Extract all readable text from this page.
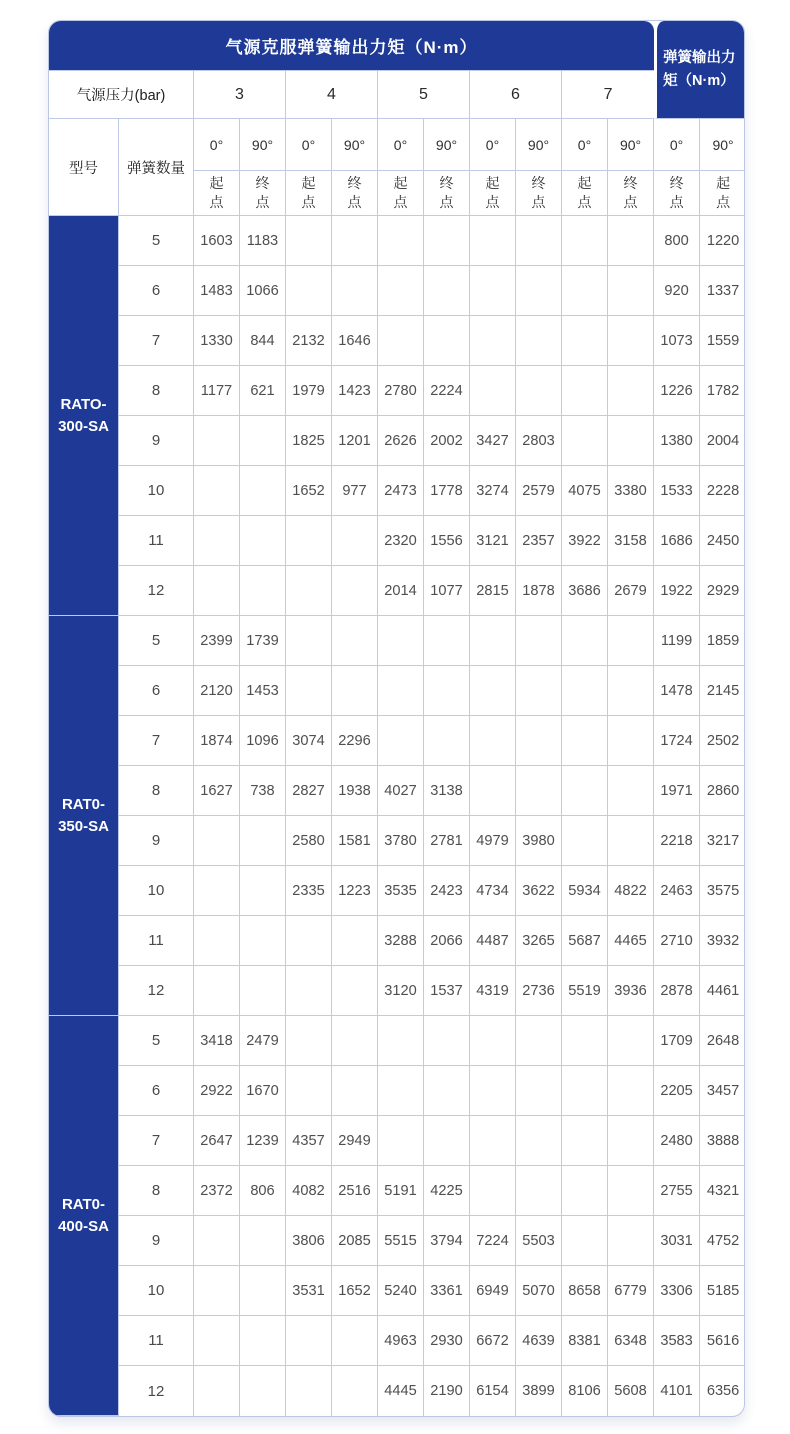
气源克服弹簧输出力矩（N·m）												弹簧输出力矩（N·m）	
气源压力(bar)		3		4		5		6		7			
型号	弹簧数量	0°	90°	0°	90°	0°	90°	0°	90°	0°	90°	0°	90°
		起点	终点	起点	终点	起点	终点	起点	终点	起点	终点	终点	起点
RATO-300-SA	5	1603	1183									800	1220
	6	1483	1066									920	1337
	7	1330	844	2132	1646							1073	1559
	8	1177	621	1979	1423	2780	2224					1226	1782
	9			1825	1201	2626	2002	3427	2803			1380	2004
	10			1652	977	2473	1778	3274	2579	4075	3380	1533	2228
	11					2320	1556	3121	2357	3922	3158	1686	2450
	12					2014	1077	2815	1878	3686	2679	1922	2929
RAT0-350-SA	5	2399	1739									1199	1859
	6	2120	1453									1478	2145
	7	1874	1096	3074	2296							1724	2502
	8	1627	738	2827	1938	4027	3138					1971	2860
	9			2580	1581	3780	2781	4979	3980			2218	3217
	10			2335	1223	3535	2423	4734	3622	5934	4822	2463	3575
	11					3288	2066	4487	3265	5687	4465	2710	3932
	12					3120	1537	4319	2736	5519	3936	2878	4461
RAT0-400-SA	5	3418	2479									1709	2648
	6	2922	1670									2205	3457
	7	2647	1239	4357	2949							2480	3888
	8	2372	806	4082	2516	5191	4225					2755	4321
	9			3806	2085	5515	3794	7224	5503			3031	4752
	10			3531	1652	5240	3361	6949	5070	8658	6779	3306	5185
	11					4963	2930	6672	4639	8381	6348	3583	5616
	12					4445	2190	6154	3899	8106	5608	4101	6356
